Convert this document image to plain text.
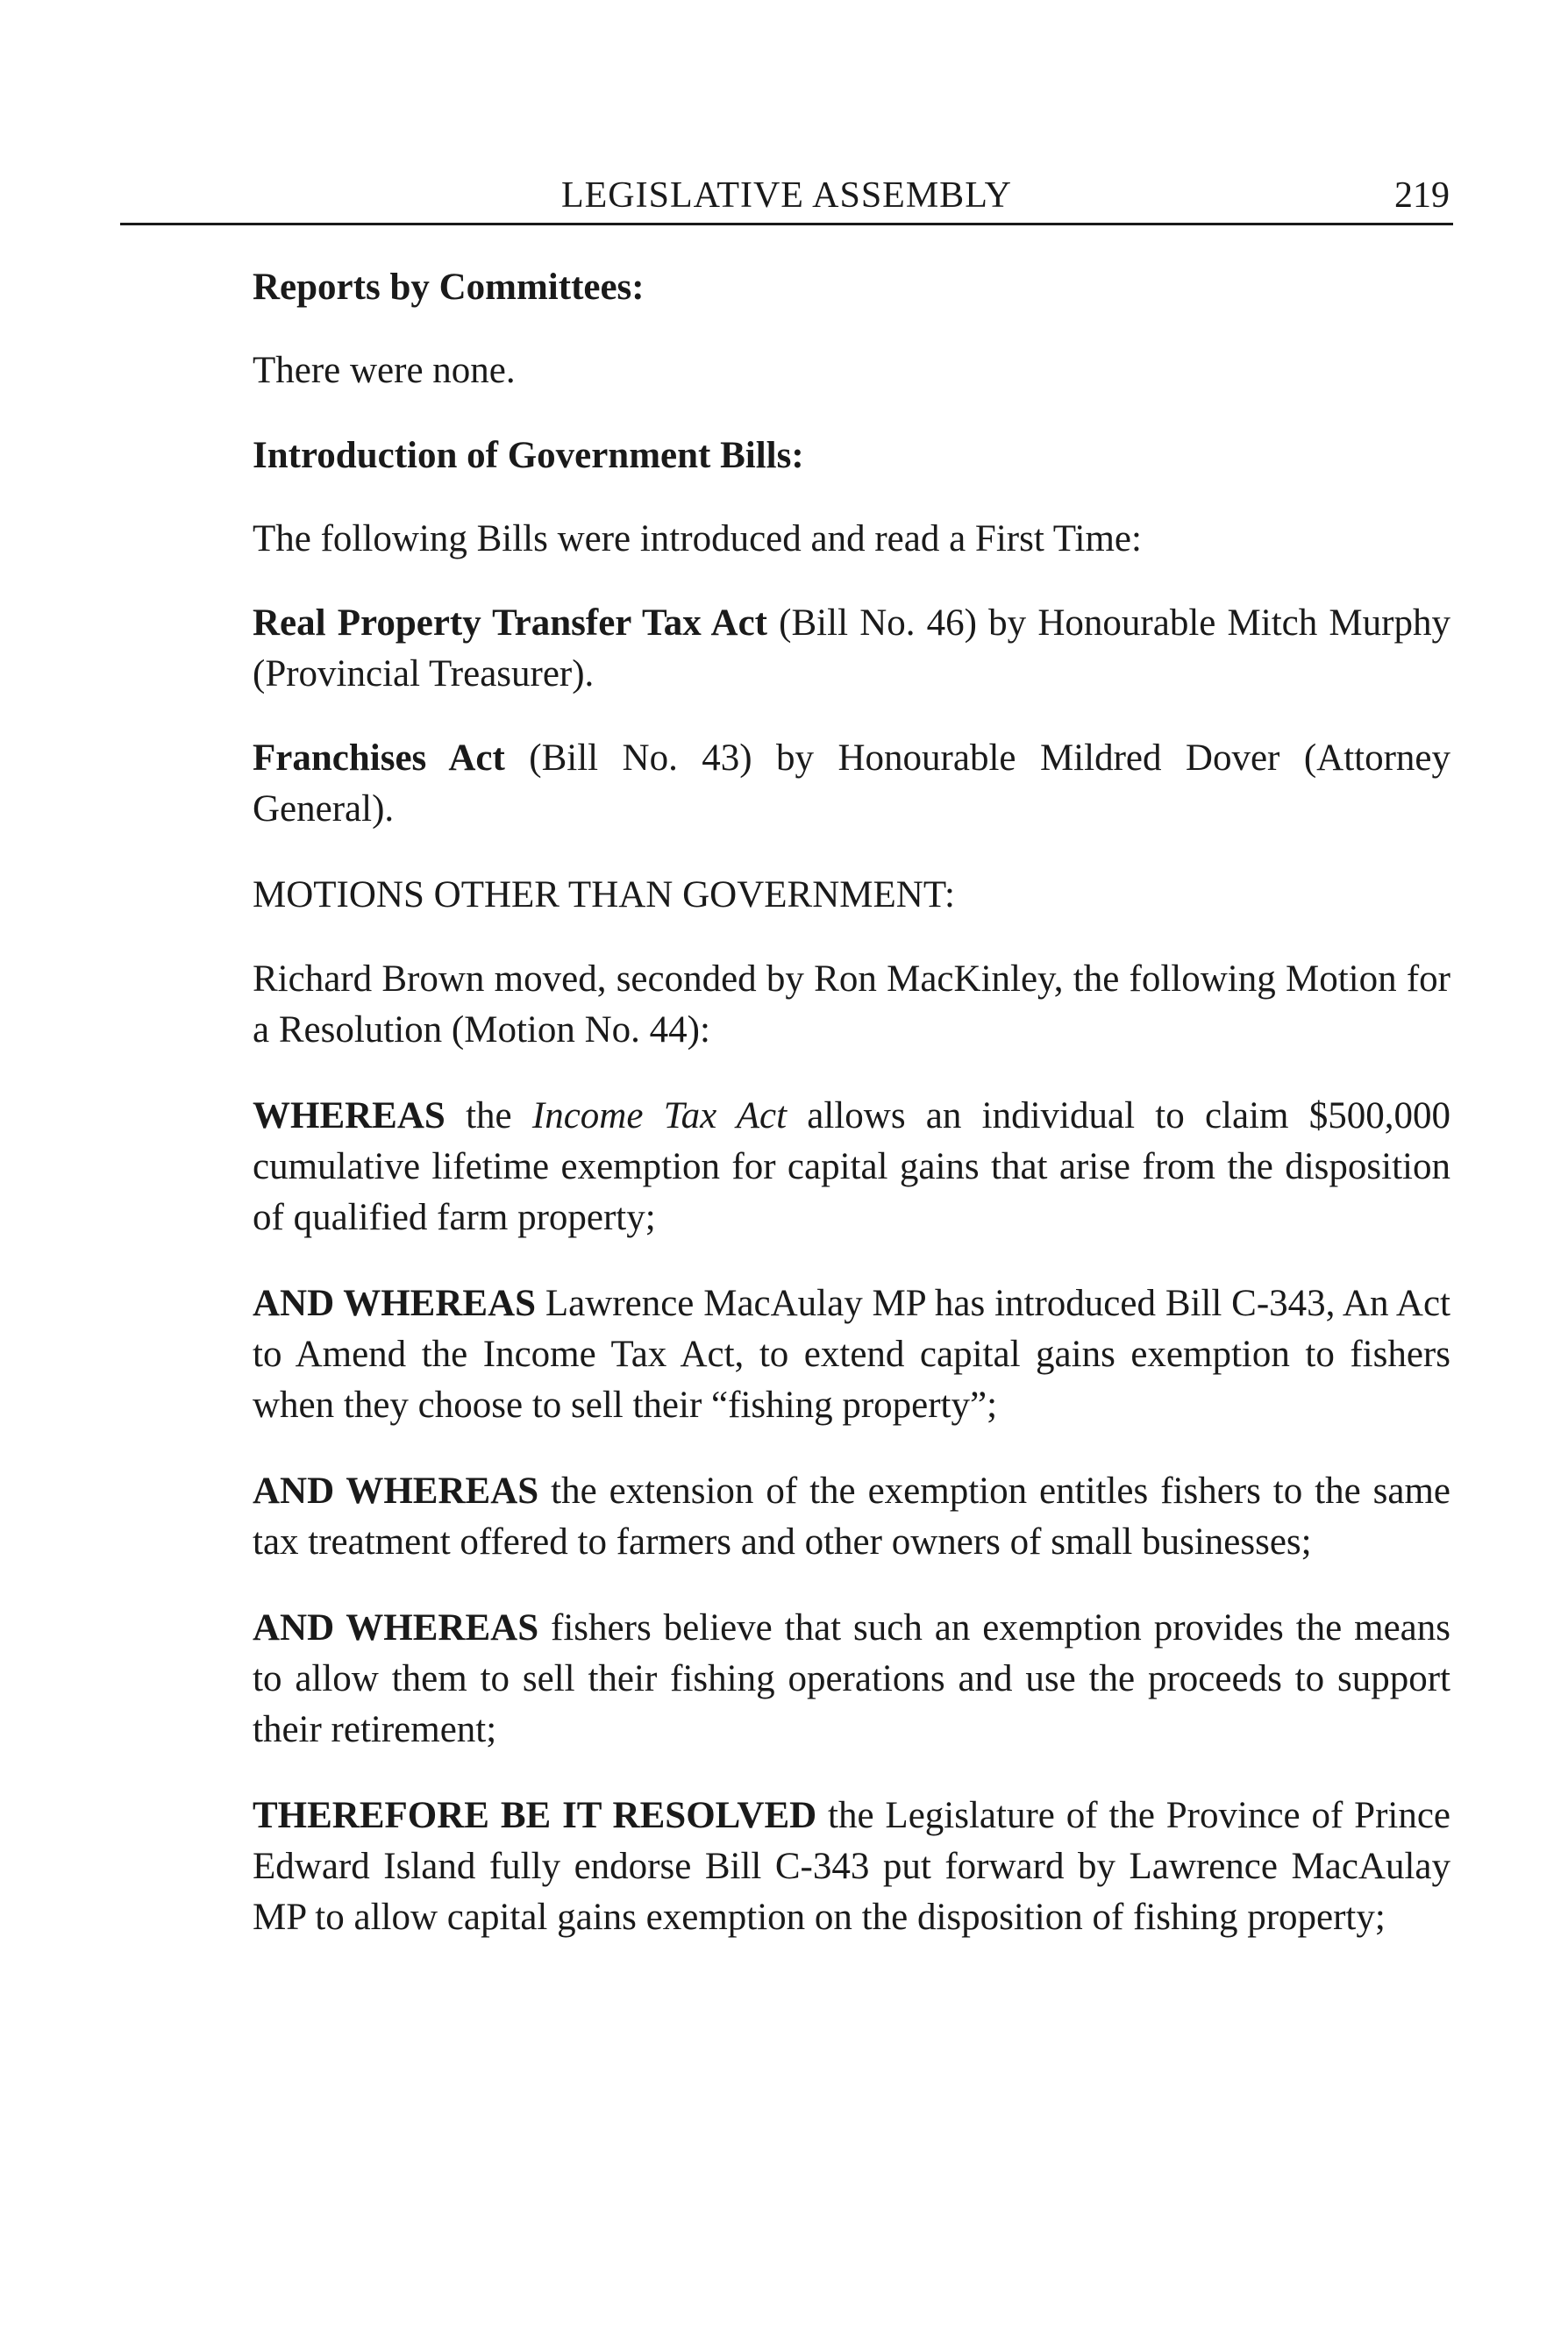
LEGISLATIVE ASSEMBLY	219

Reports by Committees:

There were none.

Introduction of Government Bills:

The following Bills were introduced and read a First Time:

Real Property Transfer Tax Act (Bill No. 46) by Honourable Mitch Murphy (Provincial Treasurer).

Franchises Act (Bill No. 43) by Honourable Mildred Dover (Attorney General).

MOTIONS OTHER THAN GOVERNMENT:

Richard Brown moved, seconded by Ron MacKinley, the following Motion for a Resolution (Motion No. 44):

WHEREAS the Income Tax Act allows an individual to claim $500,000 cumulative lifetime exemption for capital gains that arise from the disposition of qualified farm property;

AND WHEREAS Lawrence MacAulay MP has introduced Bill C-343, An Act to Amend the Income Tax Act, to extend capital gains exemption to fishers when they choose to sell their “fishing property”;

AND WHEREAS the extension of the exemption entitles fishers to the same tax treatment offered to farmers and other owners of small businesses;

AND WHEREAS fishers believe that such an exemption provides the means to allow them to sell their fishing operations and use the proceeds to support their retirement;

THEREFORE BE IT RESOLVED the Legislature of the Province of Prince Edward Island fully endorse Bill C-343 put forward by Lawrence MacAulay MP to allow capital gains exemption on the disposition of fishing property;
